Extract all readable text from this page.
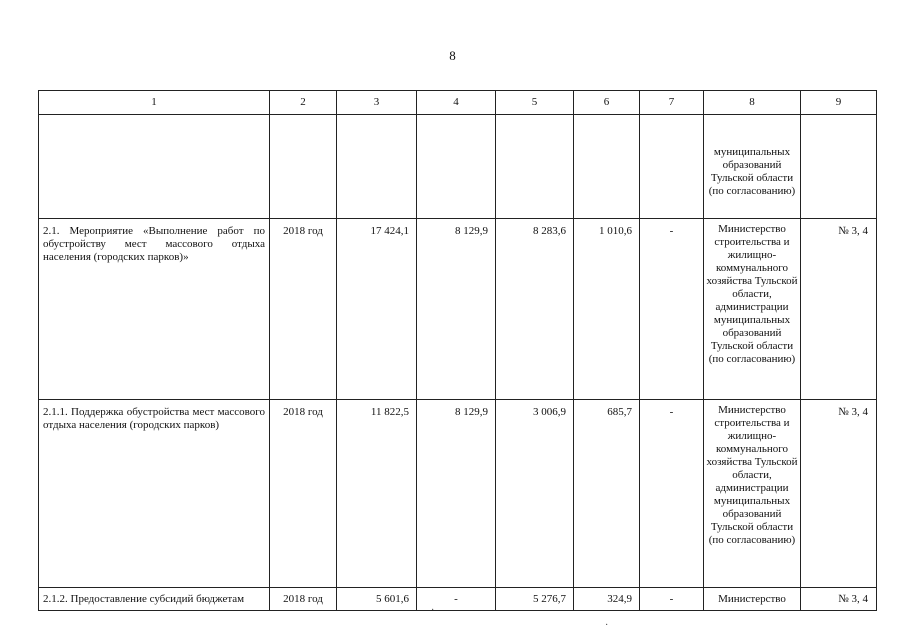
8
1	2	3	4	5	6	7	8	9

							муниципальных образований Тульской области (по согласованию)	

2.1. Мероприятие «Выполнение работ по обустройству мест массового отдыха населения (городских парков)»	2018 год	17 424,1	8 129,9	8 283,6	1 010,6	-	Министерство строительства и жилищно-коммунального хозяйства Тульской области, администрации муниципальных образований Тульской области (по согласованию)	№ 3, 4

2.1.1. Поддержка обустройства мест массового отдыха населения (городских парков)	2018 год	11 822,5	8 129,9	3 006,9	685,7	-	Министерство строительства и жилищно-коммунального хозяйства Тульской области, администрации муниципальных образований Тульской области (по согласованию)	№ 3, 4

2.1.2. Предоставление субсидий бюджетам	2018 год	5 601,6	-	5 276,7	324,9	-	Министерство	№ 3, 4
·
·
